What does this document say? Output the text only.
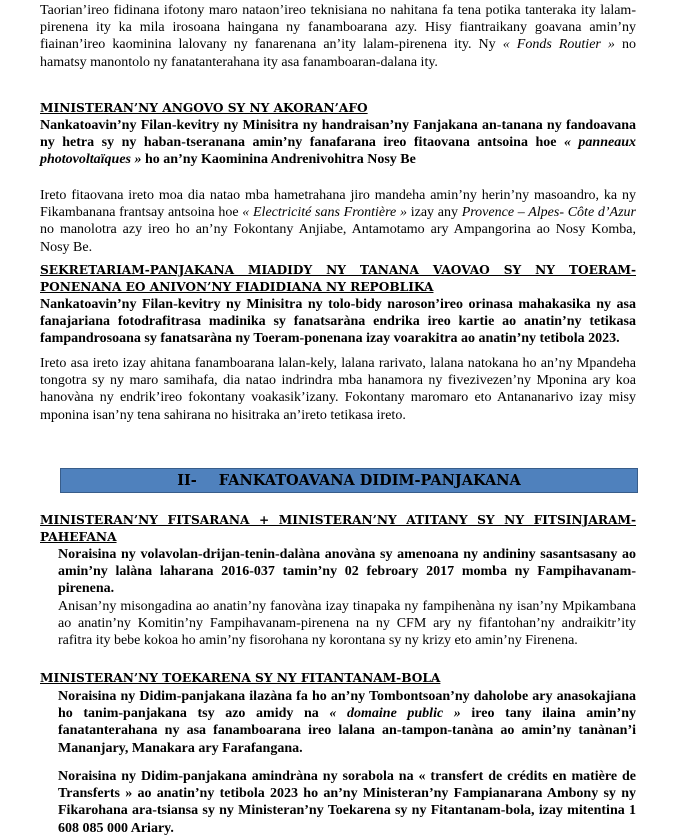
Taorian’ireo fidinana ifotony maro nataon’ireo teknisiana no nahitana fa tena potika tanteraka ity lalam-pirenena ity ka mila irosoana haingana ny fanamboarana azy. Hisy fiantraikany goavana amin’ny fiainan’ireo kaominina lalovany ny fanarenana an’ity lalam-pirenena ity. Ny « Fonds Routier » no hamatsy manontolo ny fanatanterahana ity asa fanamboaran-dalana ity.

MINISTERAN’NY ANGOVO SY NY AKORAN’AFO

Nankatoavin’ny Filan-kevitry ny Minisitra ny handraisan’ny Fanjakana an-tanana ny fandoavana ny hetra sy ny haban-tseranana amin’ny fanafarana ireo fitaovana antsoina hoe « panneaux photovoltaïques » ho an’ny Kaominina Andrenivohitra Nosy Be

Ireto fitaovana ireto moa dia natao mba hametrahana jiro mandeha amin’ny herin’ny masoandro, ka ny Fikambanana frantsay antsoina hoe « Electricité sans Frontière » izay any Provence – Alpes- Côte d’Azur no manolotra azy ireo ho an’ny Fokontany Anjiabe, Antamotamo ary Ampangorina ao Nosy Komba, Nosy Be.

SEKRETARIAM-PANJAKANA MIADIDY NY TANANA VAOVAO SY NY TOERAM-PONENANA EO ANIVON’NY FIADIDIANA NY REPOBLIKA

Nankatoavin’ny Filan-kevitry ny Minisitra ny tolo-bidy naroson’ireo orinasa mahakasika ny asa fanajariana fotodrafitrasa madinika sy fanatsaràna endrika ireo kartie ao anatin’ny tetikasa fampandrosoana sy fanatsaràna ny Toeram-ponenana izay voarakitra ao anatin’ny tetibola 2023.

Ireto asa ireto izay ahitana fanamboarana lalan-kely, lalana rarivato, lalana natokana ho an’ny Mpandeha tongotra sy ny maro samihafa, dia natao indrindra mba hanamora ny fivezivezen’ny Mponina ary koa hanovàna ny endrik’ireo fokontany voakasik’izany. Fokontany maromaro eto Antananarivo izay misy mponina isan’ny tena sahirana no hisitraka an’ireto tetikasa ireto.

II- FANKATOAVANA DIDIM-PANJAKANA
MINISTERAN’NY FITSARANA + MINISTERAN’NY ATITANY SY NY FITSINJARAM-PAHEFANA

Noraisina ny volavolan-drijan-tenin-dalàna anovàna sy amenoana ny andininy sasantsasany ao amin’ny lalàna laharana 2016-037 tamin’ny 02 febroary 2017 momba ny Fampihavanam-pirenena.

Anisan’ny misongadina ao anatin’ny fanovàna izay tinapaka ny fampihenàna ny isan’ny Mpikambana ao anatin’ny Komitin’ny Fampihavanam-pirenena na ny CFM ary ny fifantohan’ny andraikitr’ity rafitra ity bebe kokoa ho amin’ny fisorohana ny korontana sy ny krizy eto amin’ny Firenena.

MINISTERAN’NY TOEKARENA SY NY FITANTANAM-BOLA

Noraisina ny Didim-panjakana ilazàna fa ho an’ny Tombontsoan’ny daholobe ary anasokajiana ho tanim-panjakana tsy azo amidy na « domaine public » ireo tany ilaina amin’ny fanatanterahana ny asa fanamboarana ireo lalana an-tampon-tanàna ao amin’ny tanànan’i Mananjary, Manakara ary Farafangana.

Noraisina ny Didim-panjakana amindràna ny sorabola na « transfert de crédits en matière de Transferts » ao anatin’ny tetibola 2023 ho an’ny Ministeran’ny Fampianarana Ambony sy ny Fikarohana ara-tsiansa sy ny Ministeran’ny Toekarena sy ny Fitantanam-bola, izay mitentina 1 608 085 000 Ariary.
